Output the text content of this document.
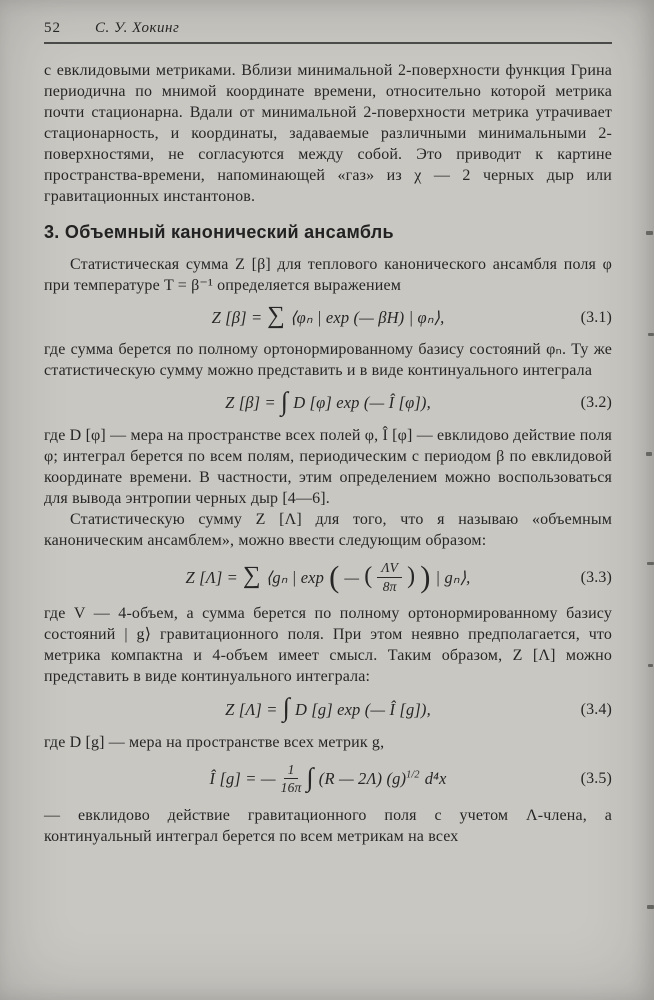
52 С. У. Хокинг

с евклидовыми метриками. Вблизи минимальной 2-поверхности функция Грина периодична по мнимой координате времени, относительно которой метрика почти стационарна. Вдали от минимальной 2-поверхности метрика утрачивает стационарность, и координаты, задаваемые различными минимальными 2-поверхностями, не согласуются между собой. Это приводит к картине пространства-времени, напоминающей «газ» из χ — 2 черных дыр или гравитационных инстантонов.

3. Объемный канонический ансамбль

Статистическая сумма Z [β] для теплового канонического ансамбля поля φ при температуре T = β⁻¹ определяется выражением

Z [β] = ∑ ⟨φₙ | exp (— βH) | φₙ⟩,	(3.1)

где сумма берется по полному ортонормированному базису состояний φₙ. Ту же статистическую сумму можно представить и в виде континуального интеграла

Z [β] = ∫ D [φ] exp (— Î [φ]),	(3.2)

где D [φ] — мера на пространстве всех полей φ, Î [φ] — евклидово действие поля φ; интеграл берется по всем полям, периодическим с периодом β по евклидовой координате времени. В частности, этим определением можно воспользоваться для вывода энтропии черных дыр [4—6].

Статистическую сумму Z [Λ] для того, что я называю «объемным каноническим ансамблем», можно ввести следующим образом:

Z [Λ] = ∑ ⟨gₙ | exp ( — ( $\frac{\Lambda V}{8\pi}$ ) ) | gₙ⟩,	(3.3)

где V — 4-объем, а сумма берется по полному ортонормированному базису состояний | g⟩ гравитационного поля. При этом неявно предполагается, что метрика компактна и 4-объем имеет смысл. Таким образом, Z [Λ] можно представить в виде континуального интеграла:

Z [Λ] = ∫ D [g] exp (— Î [g]),	(3.4)

где D [g] — мера на пространстве всех метрик g,

Î [g] = — $\frac{1}{16\pi}$ ∫ (R — 2Λ) $(g)^{1/2}$ d⁴x	(3.5)

— евклидово действие гравитационного поля с учетом Λ-члена, а континуальный интеграл берется по всем метрикам на всех
